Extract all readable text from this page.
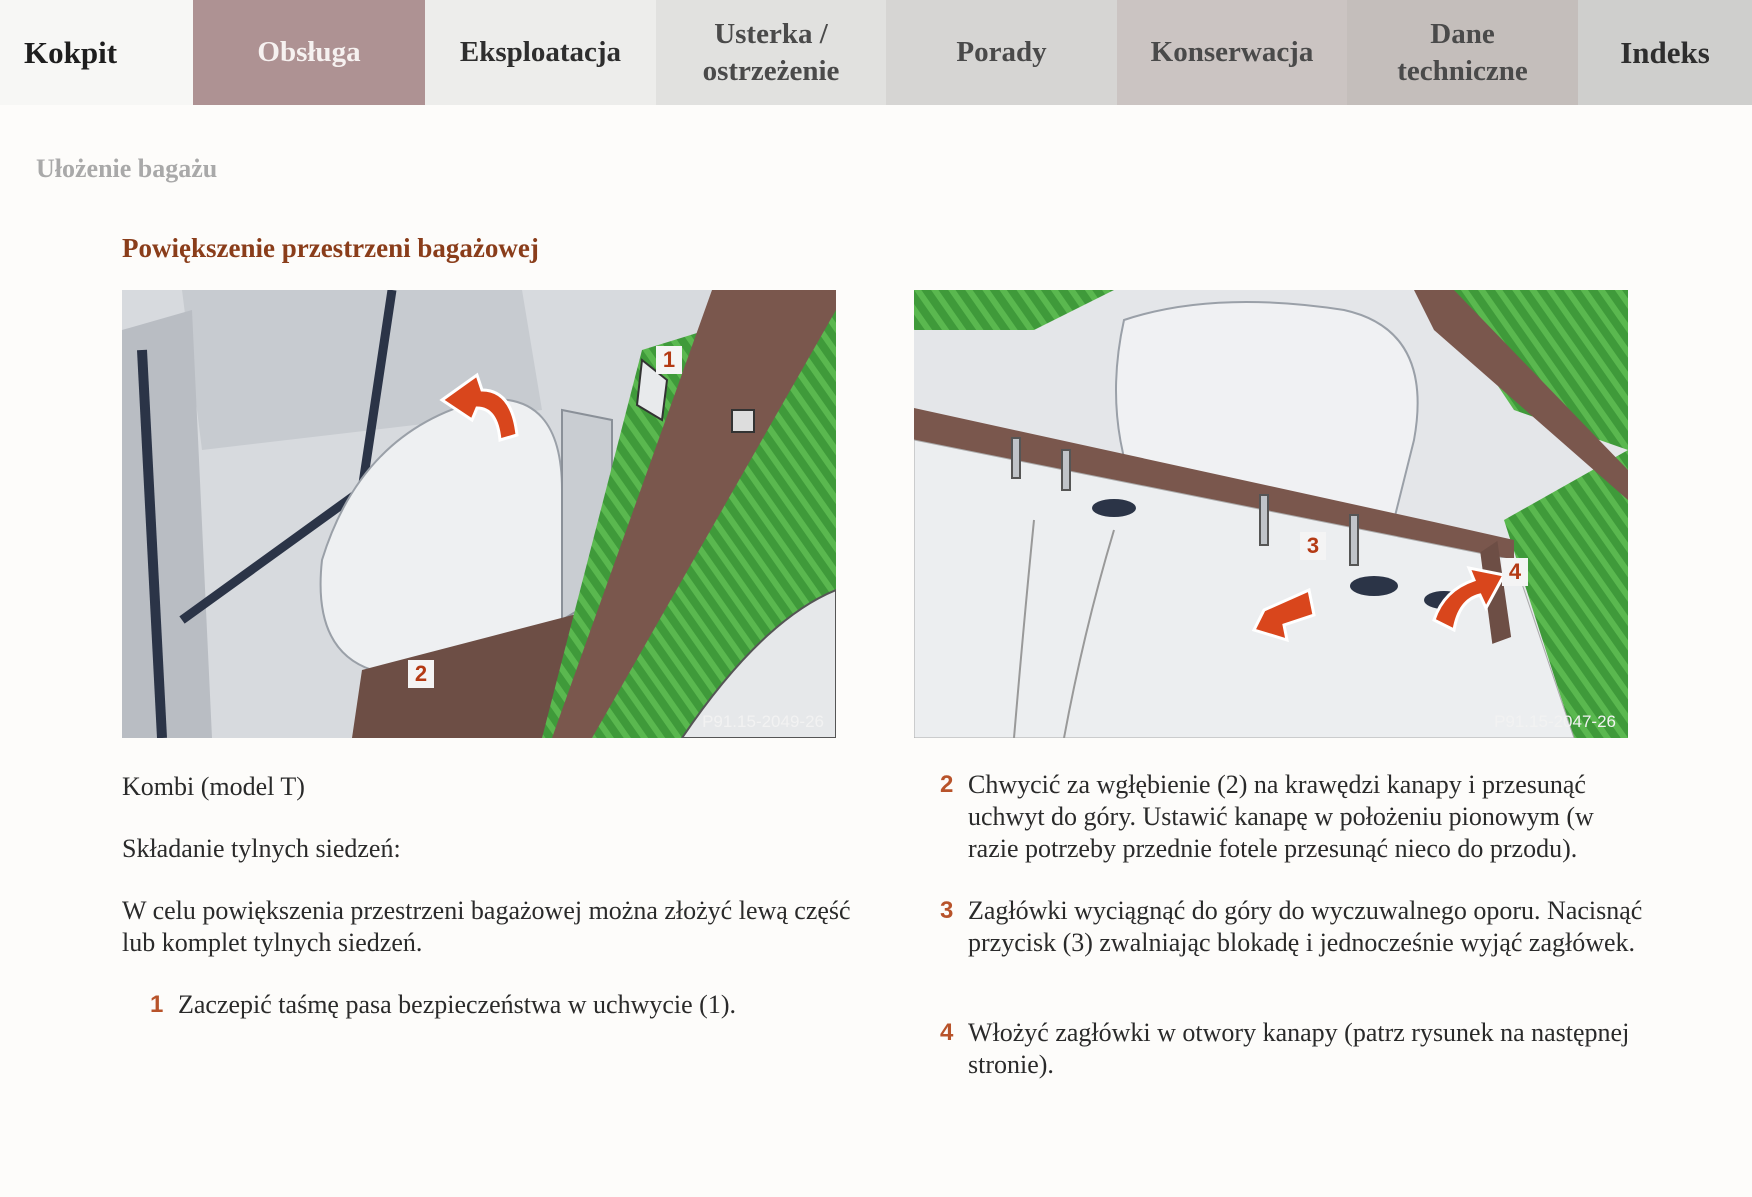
Kokpit	Obsługa	Eksploatacja
Usterka /
ostrzeżenie
Porady	Konserwacja
Dane
techniczne
Indeks
Ułożenie bagażu
Powiększenie przestrzeni bagażowej
1
2
P91.15-2049-26
3
4
P91.15-2047-26
Kombi (model T)
Składanie tylnych siedzeń:
W celu powiększenia przestrzeni bagażowej można złożyć lewą część lub komplet tylnych siedzeń.
1 Zaczepić taśmę pasa bezpieczeństwa w uchwycie (1).
2 Chwycić za wgłębienie (2) na krawędzi kanapy i przesunąć uchwyt do góry. Ustawić kanapę w położeniu pionowym (w razie potrzeby przednie fotele przesunąć nieco do przodu).
3 Zagłówki wyciągnąć do góry do wyczuwalnego oporu. Nacisnąć przycisk (3) zwalniając blokadę i jednocześnie wyjąć zagłówek.
4 Włożyć zagłówki w otwory kanapy (patrz rysunek na następnej stronie).
